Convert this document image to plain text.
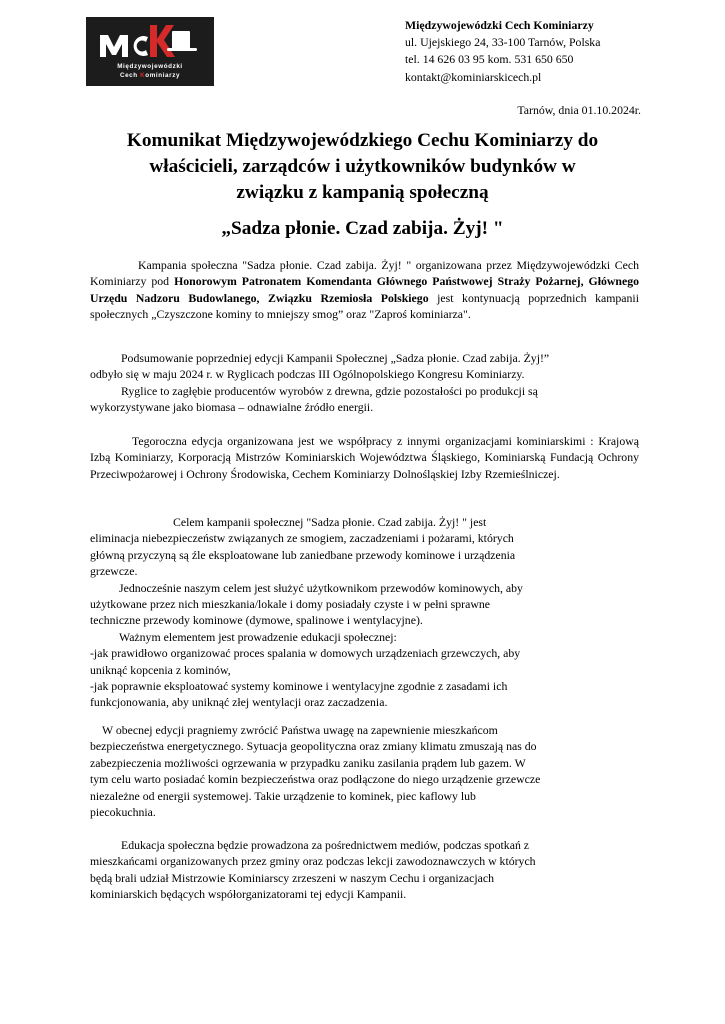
Międzywojewódzki
Cech Kominiarzy
Międzywojewódzki Cech Kominiarzy
ul. Ujejskiego 24, 33-100 Tarnów, Polska
tel. 14 626 03 95 kom. 531 650 650
kontakt@kominiarskicech.pl
Tarnów, dnia 01.10.2024r.
Komunikat Międzywojewódzkiego Cechu Kominiarzy do
właścicieli, zarządców i użytkowników budynków w
związku z kampanią społeczną
„Sadza płonie. Czad zabija. Żyj! "
Kampania społeczna "Sadza płonie. Czad zabija. Żyj! " organizowana przez Międzywojewódzki Cech Kominiarzy pod Honorowym Patronatem Komendanta Głównego Państwowej Straży Pożarnej, Głównego Urzędu Nadzoru Budowlanego, Związku Rzemiosła Polskiego jest kontynuacją poprzednich kampanii społecznych „Czyszczone kominy to mniejszy smog” oraz "Zaproś kominiarza".
Podsumowanie poprzedniej edycji Kampanii Społecznej „Sadza płonie. Czad zabija. Żyj!”
odbyło się w maju 2024 r. w Ryglicach podczas III Ogólnopolskiego Kongresu Kominiarzy.
Ryglice to zagłębie producentów wyrobów z drewna, gdzie pozostałości po produkcji są
wykorzystywane jako biomasa – odnawialne źródło energii.
Tegoroczna edycja organizowana jest we współpracy z innymi organizacjami kominiarskimi : Krajową Izbą Kominiarzy, Korporacją Mistrzów Kominiarskich Województwa Śląskiego, Kominiarską Fundacją Ochrony Przeciwpożarowej i Ochrony Środowiska, Cechem Kominiarzy Dolnośląskiej Izby Rzemieślniczej.
Celem kampanii społecznej "Sadza płonie. Czad zabija. Żyj! " jest
eliminacja niebezpieczeństw związanych ze smogiem, zaczadzeniami i pożarami, których
główną przyczyną są źle eksploatowane lub zaniedbane przewody kominowe i urządzenia
grzewcze.
Jednocześnie naszym celem jest służyć użytkownikom przewodów kominowych, aby
użytkowane przez nich mieszkania/lokale i domy posiadały czyste i w pełni sprawne
techniczne przewody kominowe (dymowe, spalinowe i wentylacyjne).
Ważnym elementem jest prowadzenie edukacji społecznej:
-jak prawidłowo organizować proces spalania w domowych urządzeniach grzewczych, aby
uniknąć kopcenia z kominów,
-jak poprawnie eksploatować systemy kominowe i wentylacyjne zgodnie z zasadami ich
funkcjonowania, aby uniknąć złej wentylacji oraz zaczadzenia.
W obecnej edycji pragniemy zwrócić Państwa uwagę na zapewnienie mieszkańcom
bezpieczeństwa energetycznego. Sytuacja geopolityczna oraz zmiany klimatu zmuszają nas do
zabezpieczenia możliwości ogrzewania w przypadku zaniku zasilania prądem lub gazem. W
tym celu warto posiadać komin bezpieczeństwa oraz podłączone do niego urządzenie grzewcze
niezależne od energii systemowej. Takie urządzenie to kominek, piec kaflowy lub
piecokuchnia.
Edukacja społeczna będzie prowadzona za pośrednictwem mediów, podczas spotkań z
mieszkańcami organizowanych przez gminy oraz podczas lekcji zawodoznawczych w których
będą brali udział Mistrzowie Kominiarscy zrzeszeni w naszym Cechu i organizacjach
kominiarskich będących współorganizatorami tej edycji Kampanii.
